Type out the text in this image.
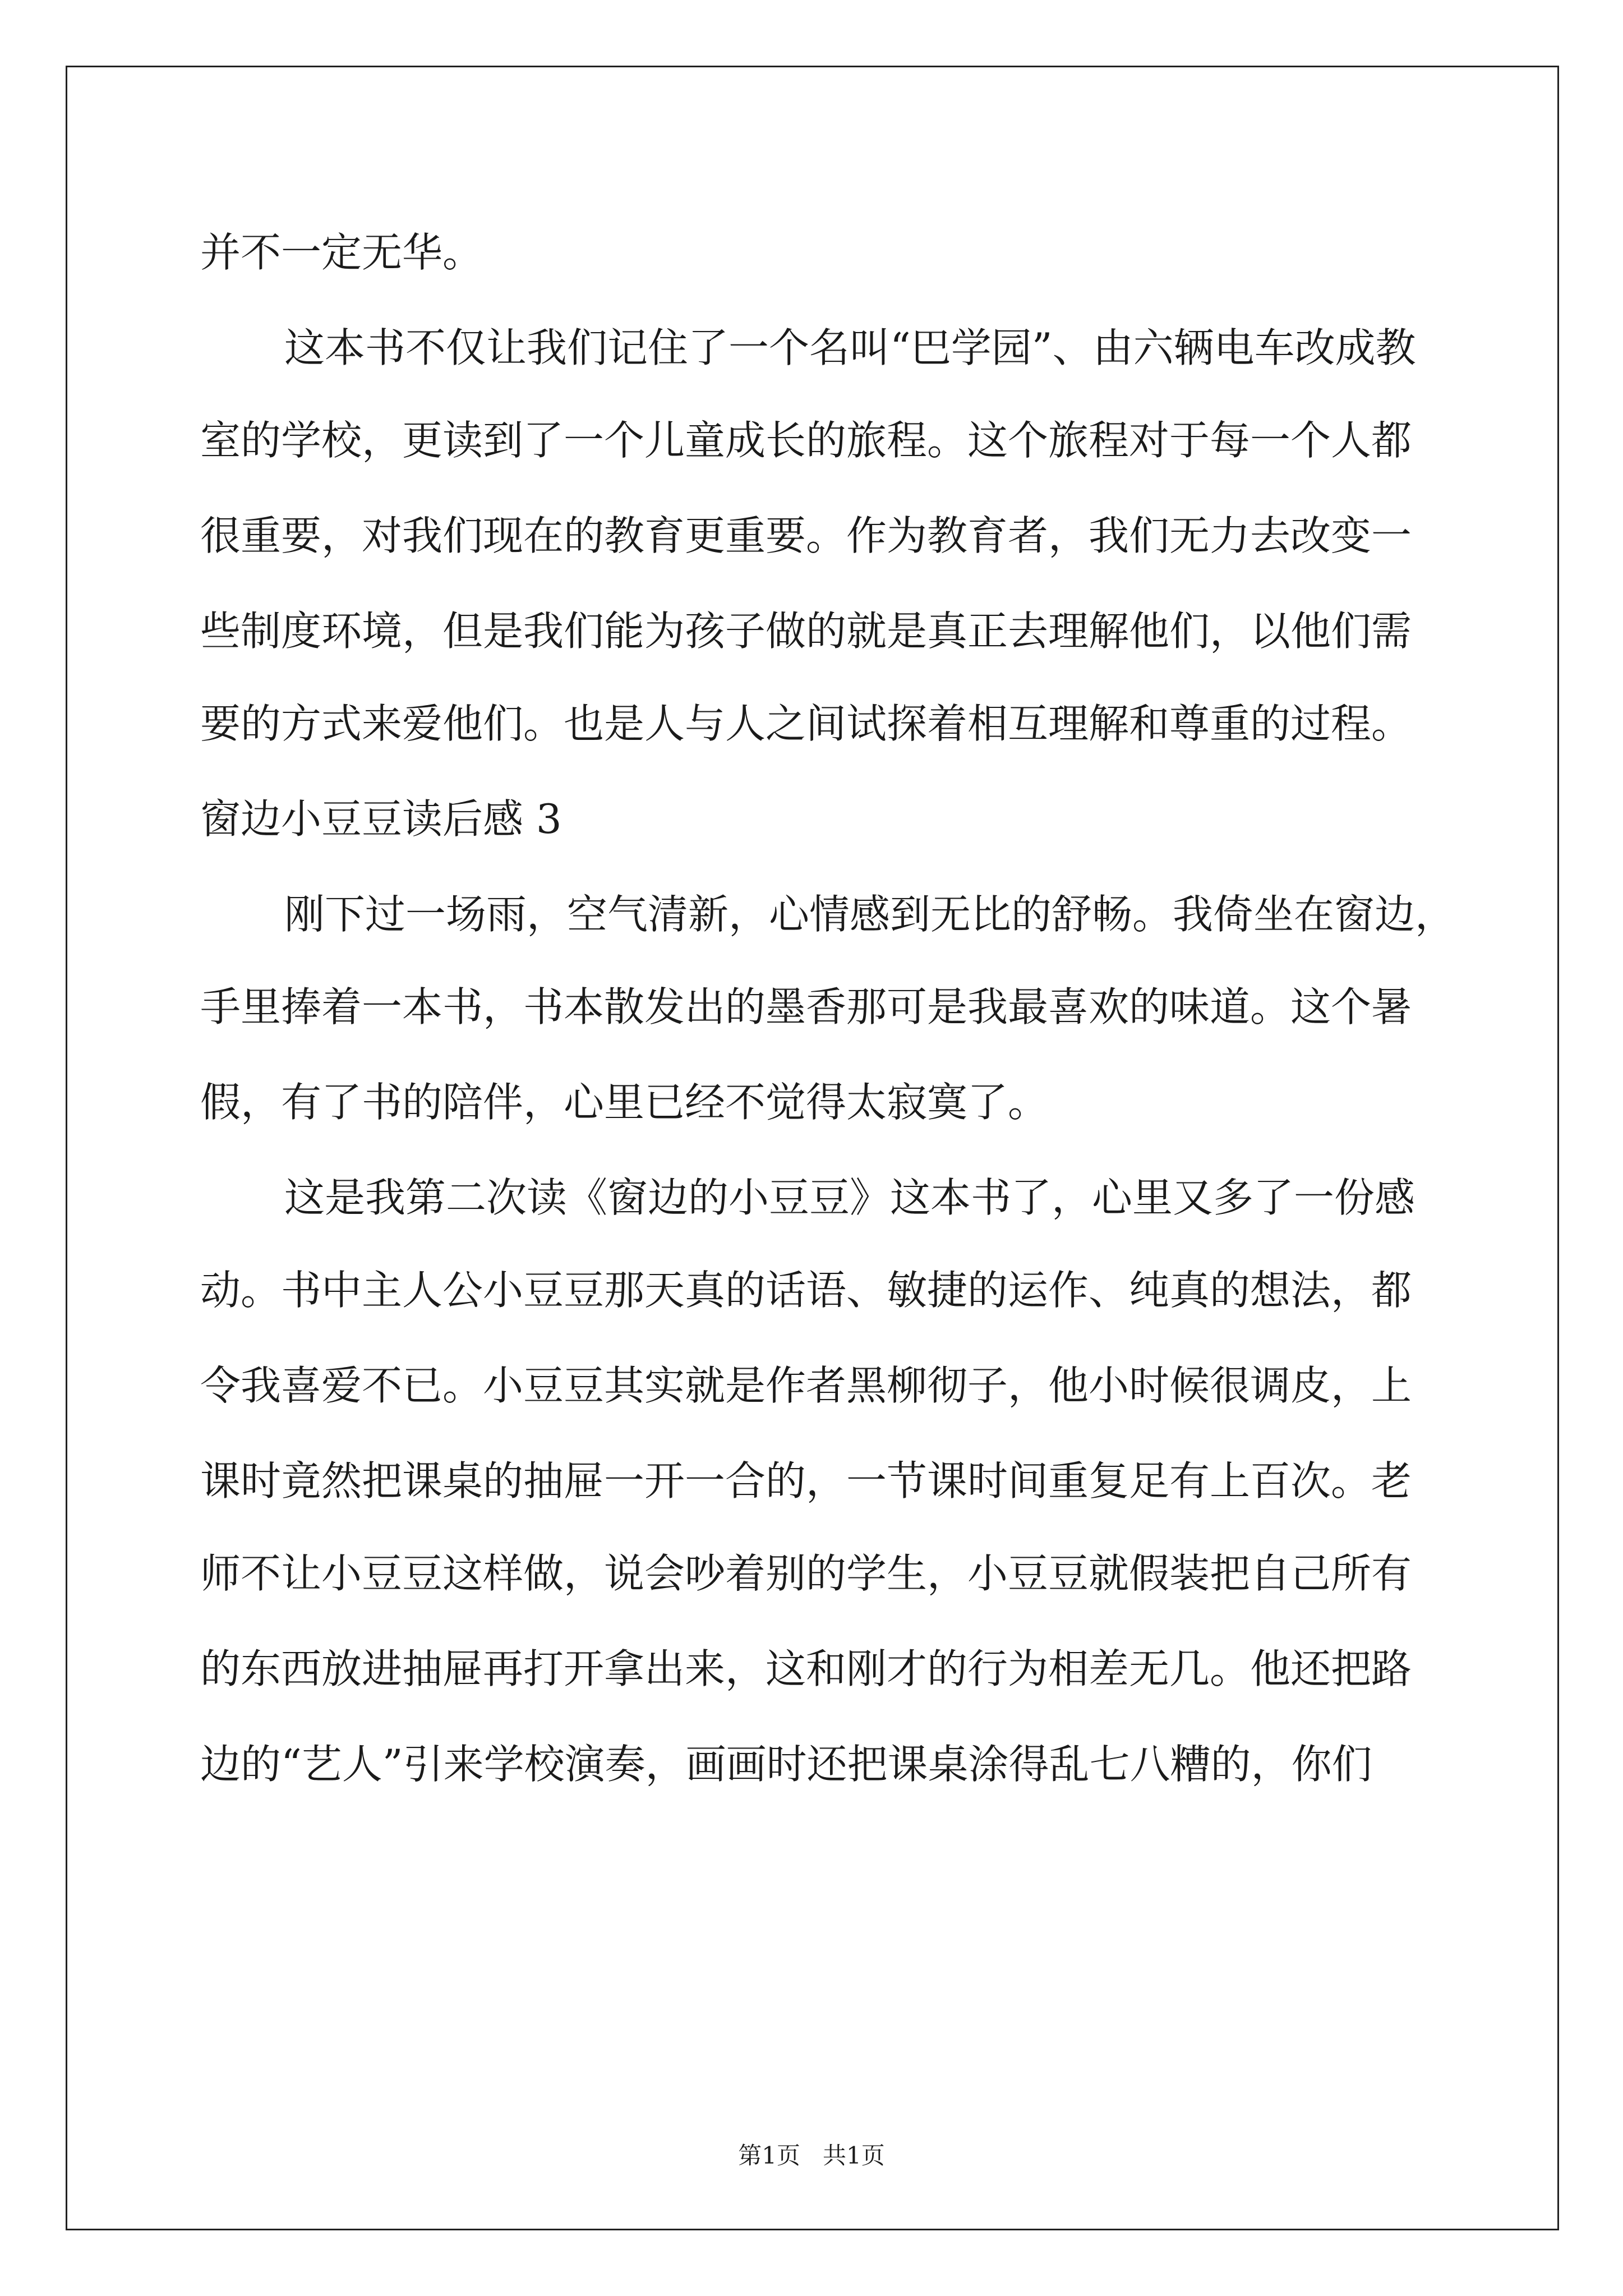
并不一定无华。
这本书不仅让我们记住了一个名叫“巴学园”、由六辆电车改成教
室的学校，更读到了一个儿童成长的旅程。这个旅程对于每一个人都
很重要，对我们现在的教育更重要。作为教育者，我们无力去改变一
些制度环境，但是我们能为孩子做的就是真正去理解他们，以他们需
要的方式来爱他们。也是人与人之间试探着相互理解和尊重的过程。
窗边小豆豆读后感 3
刚下过一场雨，空气清新，心情感到无比的舒畅。我倚坐在窗边，
手里捧着一本书，书本散发出的墨香那可是我最喜欢的味道。这个暑
假，有了书的陪伴，心里已经不觉得太寂寞了。
这是我第二次读《窗边的小豆豆》这本书了，心里又多了一份感
动。书中主人公小豆豆那天真的话语、敏捷的运作、纯真的想法，都
令我喜爱不已。小豆豆其实就是作者黑柳彻子，他小时候很调皮，上
课时竟然把课桌的抽屉一开一合的，一节课时间重复足有上百次。老
师不让小豆豆这样做，说会吵着别的学生，小豆豆就假装把自己所有
的东西放进抽屉再打开拿出来，这和刚才的行为相差无几。他还把路
边的“艺人”引来学校演奏，画画时还把课桌涂得乱七八糟的，你们
第1页   共1页
